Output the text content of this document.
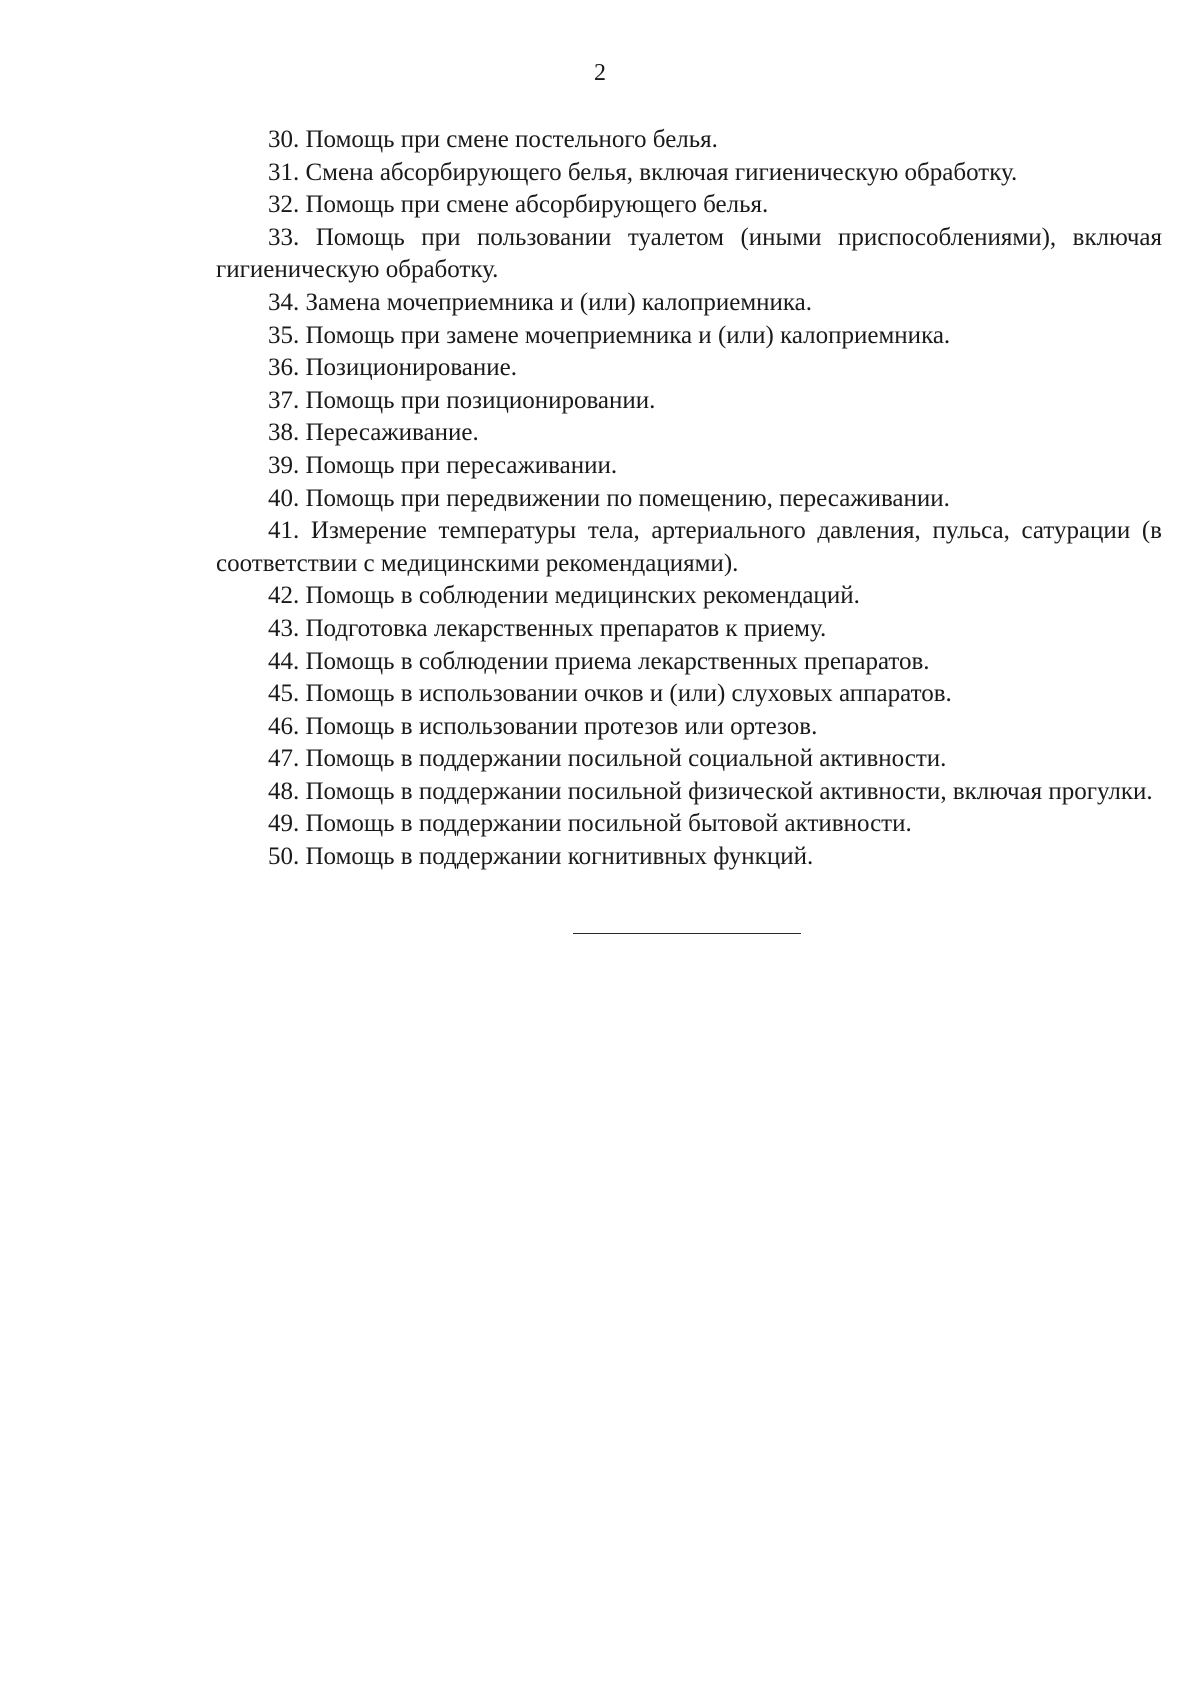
2
30. Помощь при смене постельного белья.
31. Смена абсорбирующего белья, включая гигиеническую обработку.
32. Помощь при смене абсорбирующего белья.
33. Помощь при пользовании туалетом (иными приспособлениями), включая гигиеническую обработку.
34. Замена мочеприемника и (или) калоприемника.
35. Помощь при замене мочеприемника и (или) калоприемника.
36. Позиционирование.
37. Помощь при позиционировании.
38. Пересаживание.
39. Помощь при пересаживании.
40. Помощь при передвижении по помещению, пересаживании.
41. Измерение температуры тела, артериального давления, пульса, сатурации (в соответствии с медицинскими рекомендациями).
42. Помощь в соблюдении медицинских рекомендаций.
43. Подготовка лекарственных препаратов к приему.
44. Помощь в соблюдении приема лекарственных препаратов.
45. Помощь в использовании очков и (или) слуховых аппаратов.
46. Помощь в использовании протезов или ортезов.
47. Помощь в поддержании посильной социальной активности.
48. Помощь в поддержании посильной физической активности, включая прогулки.
49. Помощь в поддержании посильной бытовой активности.
50. Помощь в поддержании когнитивных функций.
